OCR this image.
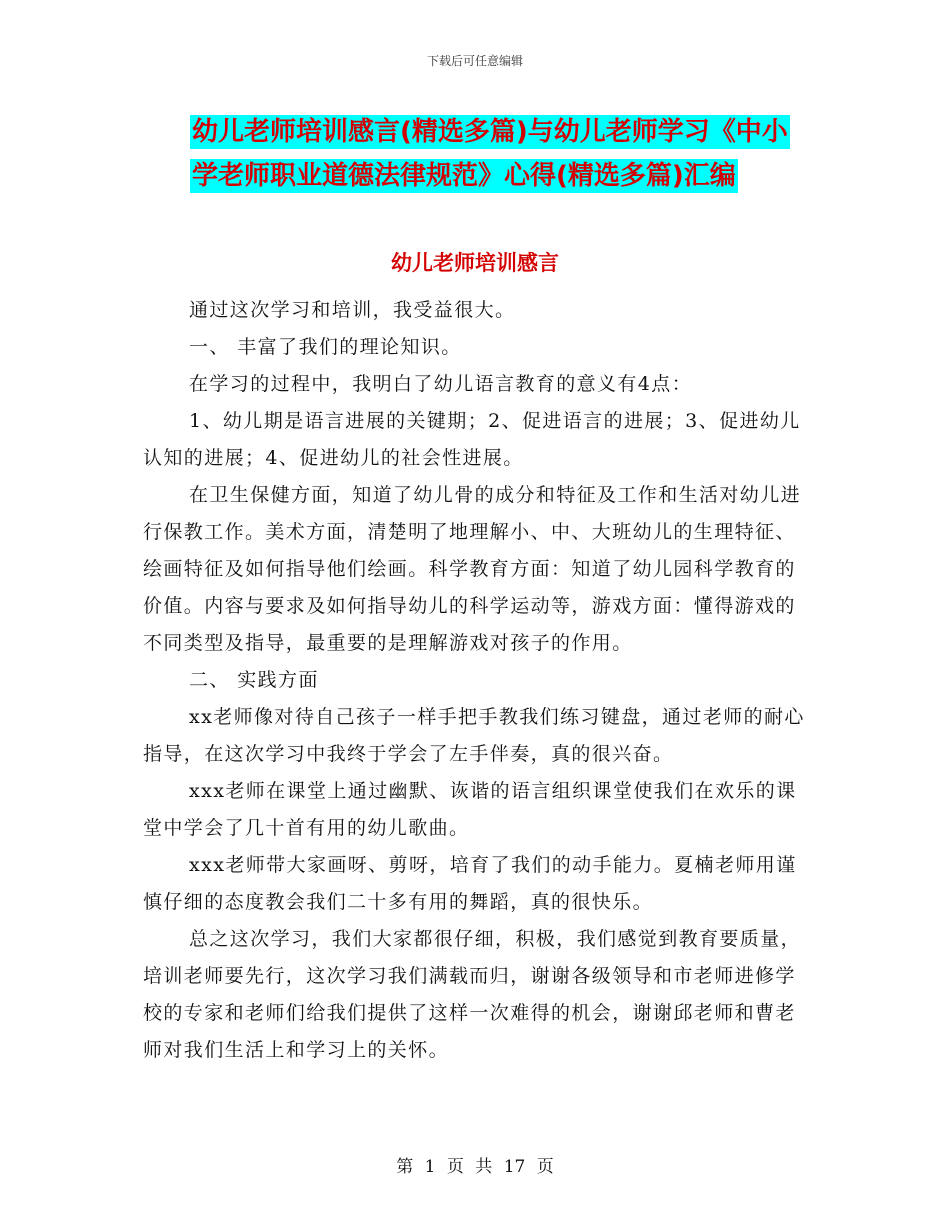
下载后可任意编辑
幼儿老师培训感言(精选多篇)与幼儿老师学习《中小学老师职业道德法律规范》心得(精选多篇)汇编
幼儿老师培训感言

通过这次学习和培训，我受益很大。

一、 丰富了我们的理论知识。

在学习的过程中，我明白了幼儿语言教育的意义有4点：

1、幼儿期是语言进展的关键期；2、促进语言的进展；3、促进幼儿认知的进展；4、促进幼儿的社会性进展。

在卫生保健方面，知道了幼儿骨的成分和特征及工作和生活对幼儿进行保教工作。美术方面，清楚明了地理解小、中、大班幼儿的生理特征、绘画特征及如何指导他们绘画。科学教育方面：知道了幼儿园科学教育的价值。内容与要求及如何指导幼儿的科学运动等，游戏方面：懂得游戏的不同类型及指导，最重要的是理解游戏对孩子的作用。

二、 实践方面

xx老师像对待自己孩子一样手把手教我们练习键盘，通过老师的耐心指导，在这次学习中我终于学会了左手伴奏，真的很兴奋。

xxx老师在课堂上通过幽默、诙谐的语言组织课堂使我们在欢乐的课堂中学会了几十首有用的幼儿歌曲。

xxx老师带大家画呀、剪呀，培育了我们的动手能力。夏楠老师用谨慎仔细的态度教会我们二十多有用的舞蹈，真的很快乐。

总之这次学习，我们大家都很仔细，积极，我们感觉到教育要质量，培训老师要先行，这次学习我们满载而归，谢谢各级领导和市老师进修学校的专家和老师们给我们提供了这样一次难得的机会，谢谢邱老师和曹老师对我们生活上和学习上的关怀。

第 1 页 共 17 页
